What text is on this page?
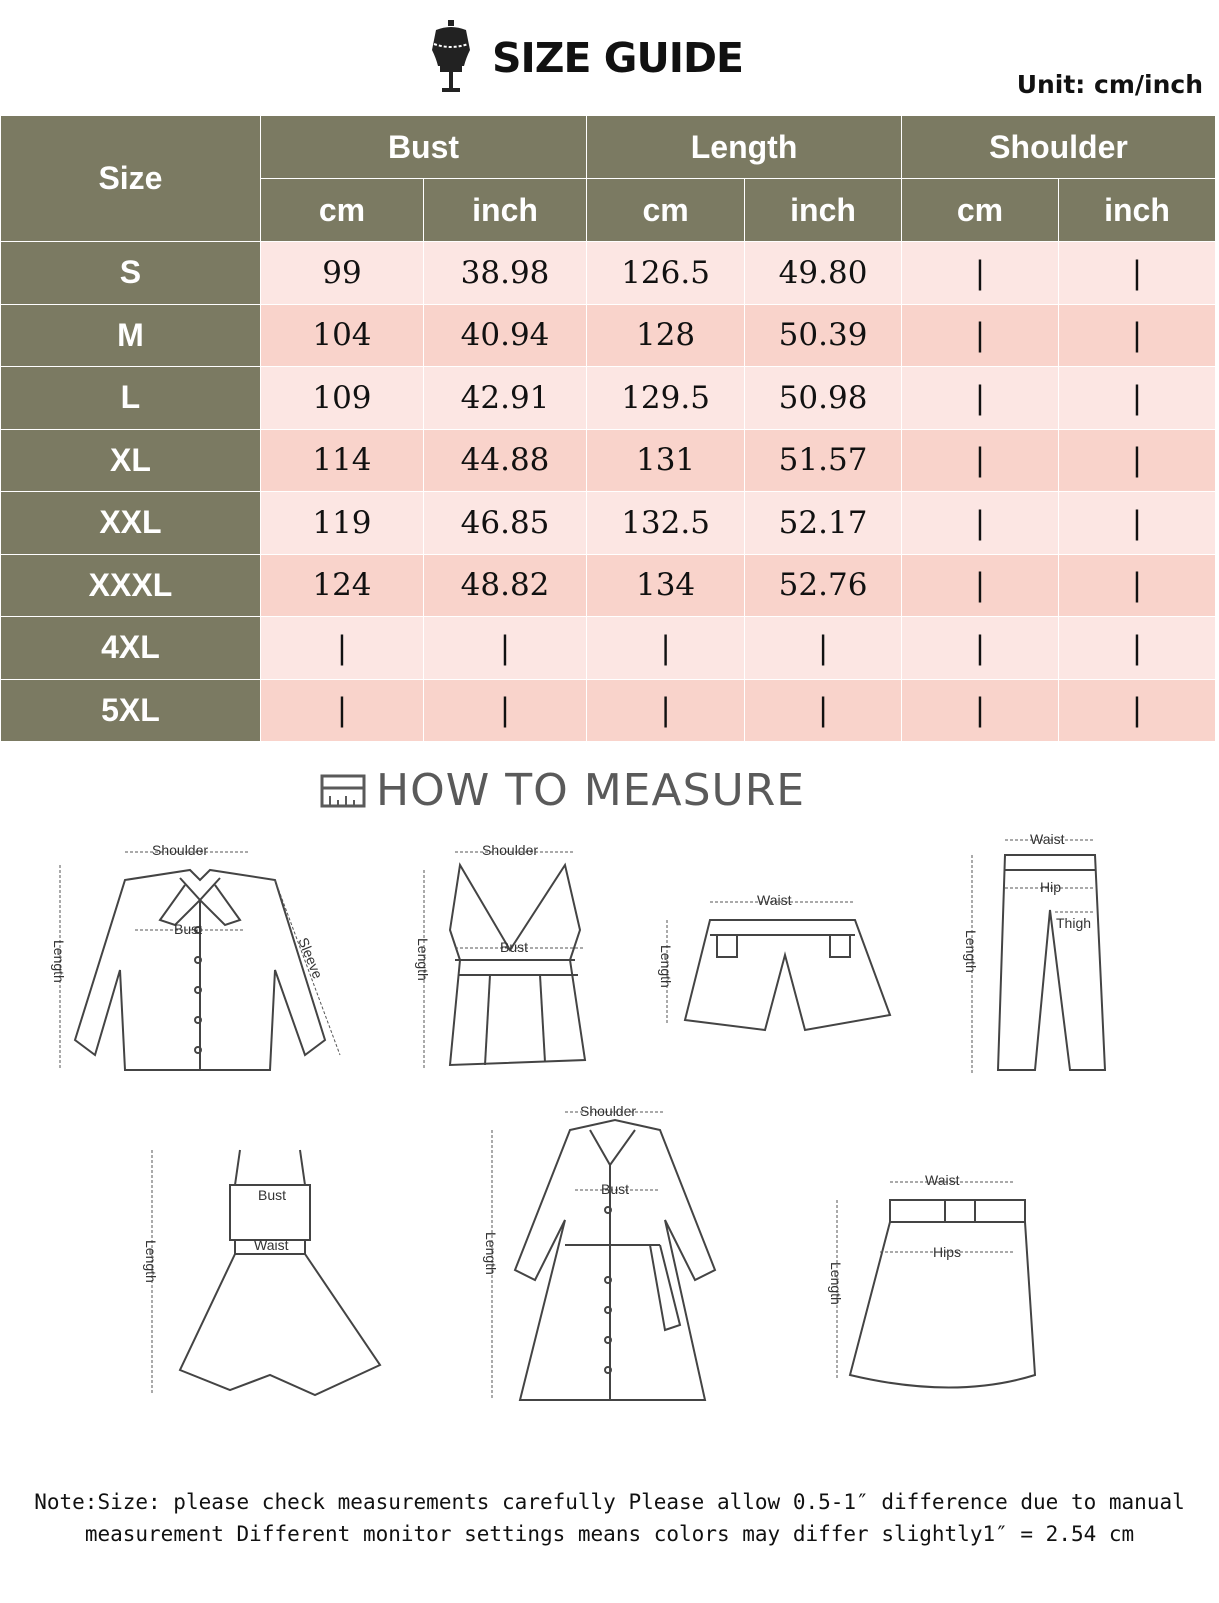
SIZE GUIDE
Unit: cm/inch
Size	Bust		Length		Shoulder	
	cm	inch	cm	inch	cm	inch
S	99	38.98	126.5	49.80	|	|
M	104	40.94	128	50.39	|	|
L	109	42.91	129.5	50.98	|	|
XL	114	44.88	131	51.57	|	|
XXL	119	46.85	132.5	52.17	|	|
XXXL	124	48.82	134	52.76	|	|
4XL	|	|	|	|	|	|
5XL	|	|	|	|	|	|
HOW TO MEASURE
Shoulder
Bust
Length	Sleeve
Shoulder
Bust
Length
Waist
Length
Waist
Hip
Thigh
Length
Bust
Waist
Length
Shoulder
Bust
Length
Waist
Hips
Length
Note:Size: please check measurements carefully Please allow 0.5-1″ difference due to manual measurement Different monitor settings means colors may differ slightly1″ = 2.54 cm
